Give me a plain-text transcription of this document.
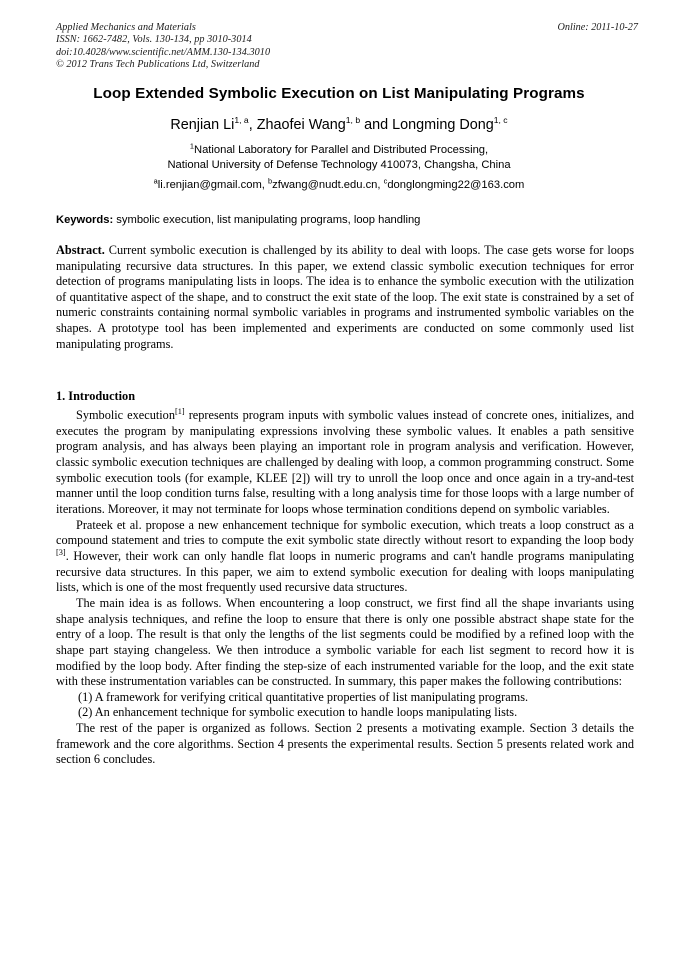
Applied Mechanics and Materials
ISSN: 1662-7482, Vols. 130-134, pp 3010-3014
doi:10.4028/www.scientific.net/AMM.130-134.3010
© 2012 Trans Tech Publications Ltd, Switzerland
Online: 2011-10-27
Loop Extended Symbolic Execution on List Manipulating Programs
Renjian Li$^{1, a}$, Zhaofei Wang$^{1, b}$ and Longming Dong$^{1, c}$
$^1$National Laboratory for Parallel and Distributed Processing,
National University of Defense Technology 410073, Changsha, China
$^a$li.renjian@gmail.com, $^b$zfwang@nudt.edu.cn, $^c$donglongming22@163.com
Keywords: symbolic execution, list manipulating programs, loop handling
Abstract. Current symbolic execution is challenged by its ability to deal with loops. The case gets worse for loops manipulating recursive data structures. In this paper, we extend classic symbolic execution techniques for error detection of programs manipulating lists in loops. The idea is to enhance the symbolic execution with the utilization of quantitative aspect of the shape, and to construct the exit state of the loop. The exit state is constrained by a set of numeric constraints containing normal symbolic variables in programs and instrumented symbolic variables on the shapes. A prototype tool has been implemented and experiments are conducted on some commonly used list manipulating programs.
1. Introduction

Symbolic execution[1] represents program inputs with symbolic values instead of concrete ones, initializes, and executes the program by manipulating expressions involving these symbolic values. It enables a path sensitive program analysis, and has always been playing an important role in program analysis and verification. However, classic symbolic execution techniques are challenged by dealing with loop, a common programming construct. Some symbolic execution tools (for example, KLEE [2]) will try to unroll the loop once and once again in a try-and-test manner until the loop condition turns false, resulting with a long analysis time for those loops with a large number of iterations. Moreover, it may not terminate for loops whose termination conditions depend on symbolic variables.

Prateek et al. propose a new enhancement technique for symbolic execution, which treats a loop construct as a compound statement and tries to compute the exit symbolic state directly without resort to expanding the loop body [3]. However, their work can only handle flat loops in numeric programs and can't handle programs manipulating recursive data structures. In this paper, we aim to extend symbolic execution for dealing with loops manipulating lists, which is one of the most frequently used recursive data structures.

The main idea is as follows. When encountering a loop construct, we first find all the shape invariants using shape analysis techniques, and refine the loop to ensure that there is only one possible abstract shape state for the entry of a loop. The result is that only the lengths of the list segments could be modified by a refined loop with the shape part staying changeless. We then introduce a symbolic variable for each list segment to record how it is modified by the loop body. After finding the step-size of each instrumented variable for the loop, and the exit state with these instrumentation variables can be constructed. In summary, this paper makes the following contributions:

(1) A framework for verifying critical quantitative properties of list manipulating programs.

(2) An enhancement technique for symbolic execution to handle loops manipulating lists.

The rest of the paper is organized as follows. Section 2 presents a motivating example. Section 3 details the framework and the core algorithms. Section 4 presents the experimental results. Section 5 presents related work and section 6 concludes.
